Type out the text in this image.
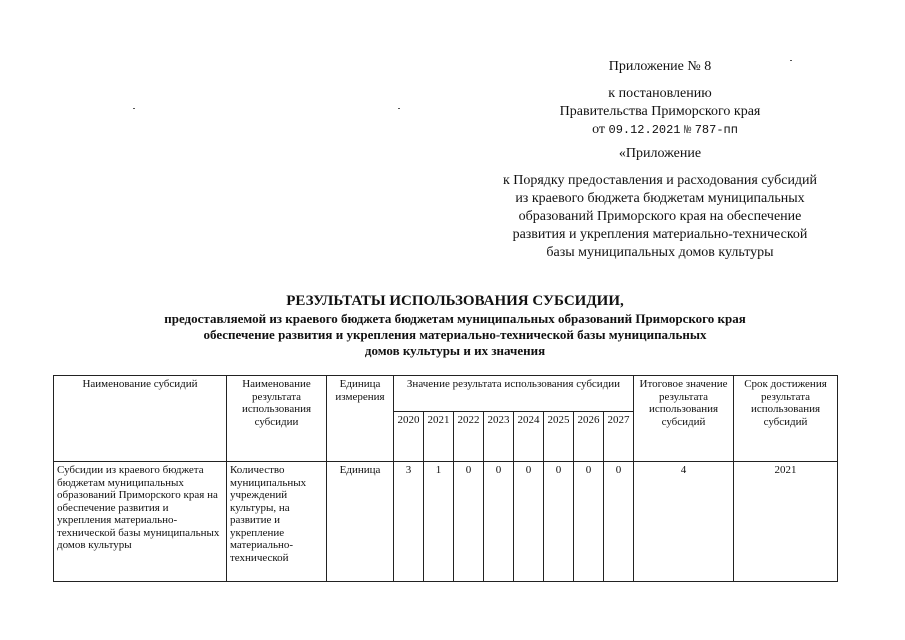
Приложение № 8
к постановлению
Правительства Приморского края
от 09.12.2021 № 787-пп
«Приложение
к Порядку предоставления и расходования субсидий
из краевого бюджета бюджетам муниципальных
образований Приморского края на обеспечение
развития и укрепления материально-технической
базы муниципальных домов культуры
РЕЗУЛЬТАТЫ ИСПОЛЬЗОВАНИЯ СУБСИДИИ,
предоставляемой из краевого бюджета бюджетам муниципальных образований Приморского края
обеспечение развития и укрепления материально-технической базы муниципальных
домов культуры и их значения
Наименование субсидий	Наименование результата использования субсидии	Единица измерения	Значение результата использования субсидии								Итоговое значение результата использования субсидий	Срок достижения результата использования субсидий
			2020	2021	2022	2023	2024	2025	2026	2027		
Субсидии из краевого бюджета бюджетам муниципальных образований Приморского края на обеспечение развития и укрепления материально-технической базы муниципальных домов культуры	Количество муниципальных учреждений культуры, на развитие и укрепление материально-технической	Единица	3	1	0	0	0	0	0	0	4	2021
